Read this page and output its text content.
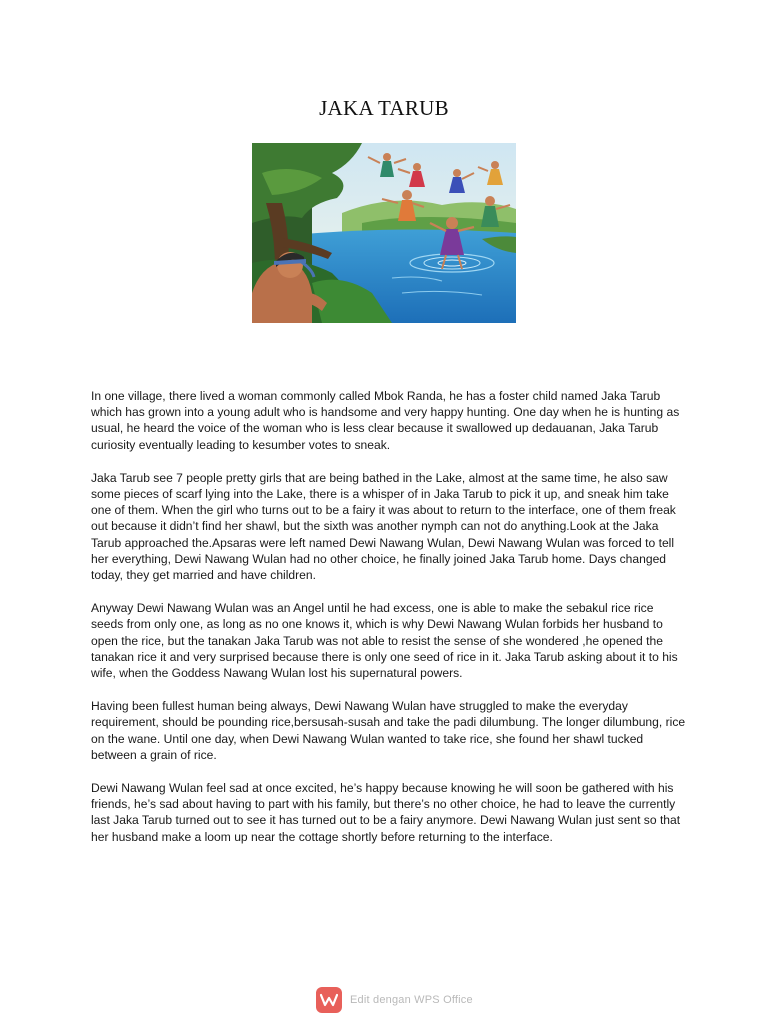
JAKA TARUB

In one village, there lived a woman commonly called Mbok Randa, he has a foster child named Jaka Tarub which has grown into a young adult who is handsome and very happy hunting. One day when he is hunting as usual, he heard the voice of the woman who is less clear because it swallowed up dedauanan, Jaka Tarub curiosity eventually leading to kesumber votes to sneak.

Jaka Tarub see 7 people pretty girls that are being bathed in the Lake, almost at the same time, he also saw some pieces of scarf lying into the Lake, there is a whisper of in Jaka Tarub to pick it up, and sneak him take one of them. When the girl who turns out to be a fairy it was about to return to the interface, one of them freak out because it didn’t find her shawl, but the sixth was another nymph can not do anything.Look at the Jaka Tarub approached the.Apsaras were left named Dewi Nawang Wulan, Dewi Nawang Wulan was forced to tell her everything, Dewi Nawang Wulan had no other choice, he finally joined Jaka Tarub home. Days changed today, they get married and have children.

Anyway Dewi Nawang Wulan was an Angel until he had excess, one is able to make the sebakul rice rice seeds from only one, as long as no one knows it, which is why Dewi Nawang Wulan forbids her husband to open the rice, but the tanakan Jaka Tarub was not able to resist the sense of she wondered ,he opened the tanakan rice it and very surprised because there is only one seed of rice in it. Jaka Tarub asking about it to his wife, when the Goddess Nawang Wulan lost his supernatural powers.

Having been fullest human being always, Dewi Nawang Wulan have struggled to make the everyday requirement, should be pounding rice,bersusah-susah and take the padi dilumbung. The longer dilumbung, rice on the wane. Until one day, when Dewi Nawang Wulan wanted to take rice, she found her shawl tucked between a grain of rice.

Dewi Nawang Wulan feel sad at once excited, he’s happy because knowing he will soon be gathered with his friends, he’s sad about having to part with his family, but there’s no other choice, he had to leave the currently last Jaka Tarub turned out to see it has turned out to be a fairy anymore. Dewi Nawang Wulan just sent so that her husband make a loom up near the cottage shortly before returning to the interface.

Edit dengan WPS Office
